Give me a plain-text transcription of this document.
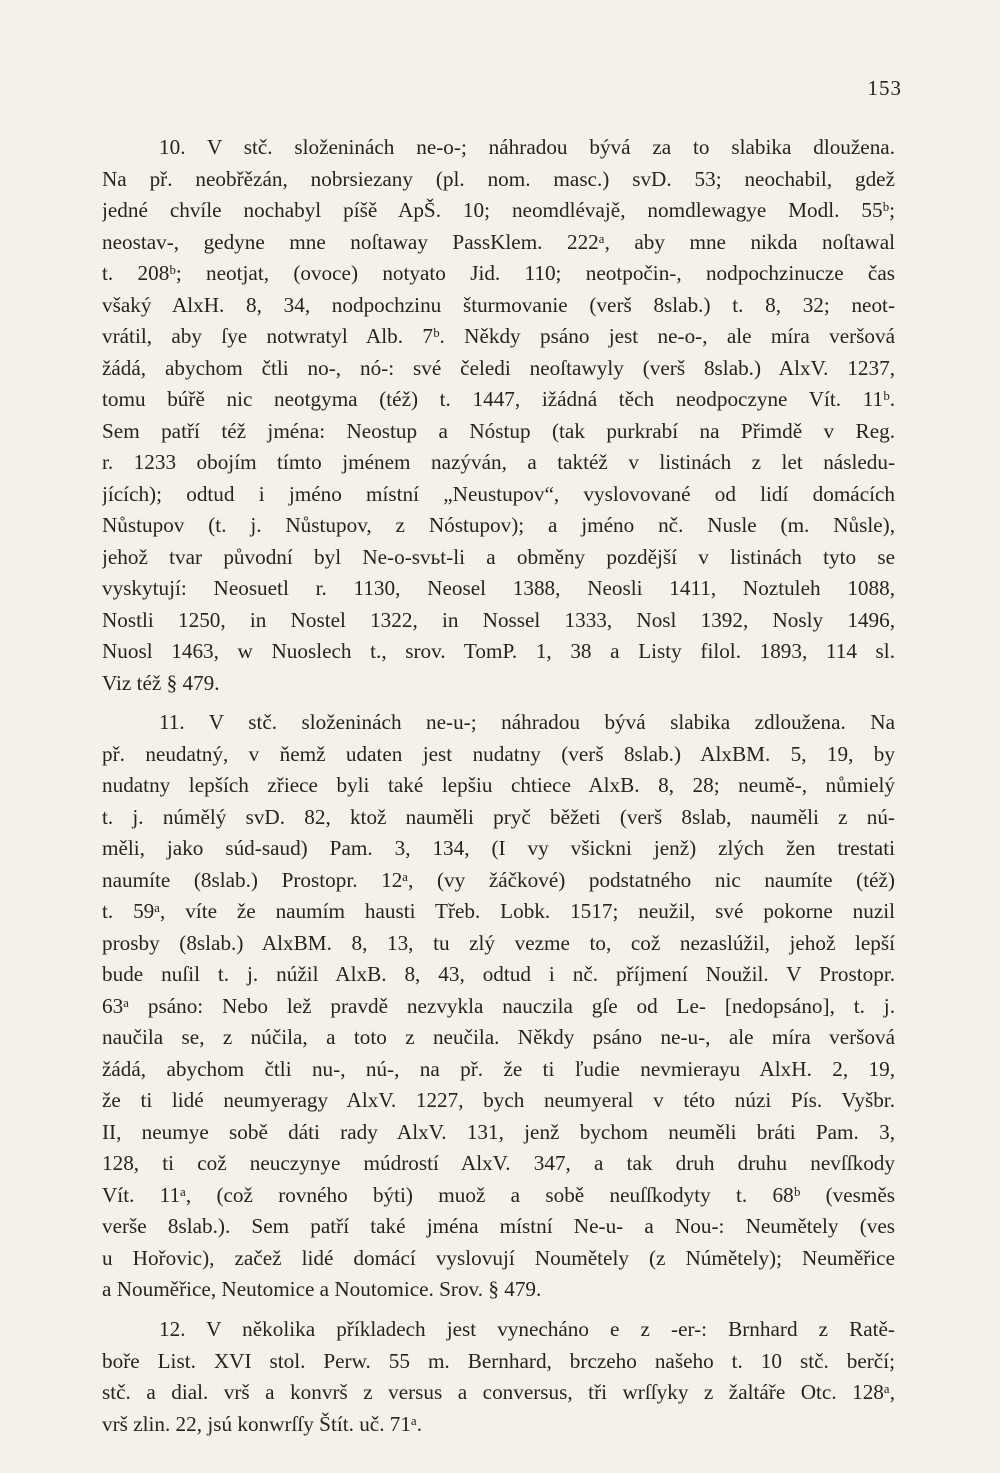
153
10. V stč. složeninách ne-o-; náhradou bývá za to slabika dloužena.
Na př. neobřězán, nobrsiezany (pl. nom. masc.) svD. 53; neochabil, gdež
jedné chvíle nochabyl píšě ApŠ. 10; neomdlévajě, nomdlewagye Modl. 55ᵇ;
neostav-, gedyne mne noſtaway PassKlem. 222ᵃ, aby mne nikda noſtawal
t. 208ᵇ; neotjat, (ovoce) notyato Jid. 110; neotpočin-, nodpochzinucze čas
všaký AlxH. 8, 34, nodpochzinu šturmovanie (verš 8slab.) t. 8, 32; neot-
vrátil, aby ſye notwratyl Alb. 7ᵇ. Někdy psáno jest ne-o-, ale míra veršová
žádá, abychom čtli no-, nó-: své čeledi neoſtawyly (verš 8slab.) AlxV. 1237,
tomu búřě nic neotgyma (též) t. 1447, ižádná těch neodpoczyne Vít. 11ᵇ.
Sem patří též jména: Neostup a Nóstup (tak purkrabí na Přimdě v Reg.
r. 1233 obojím tímto jménem nazýván, a taktéž v listinách z let následu-
jících); odtud i jméno místní „Neustupov“, vyslovované od lidí domácích
Nůstupov (t. j. Nůstupov, z Nóstupov); a jméno nč. Nusle (m. Nůsle),
jehož tvar původní byl Ne-o-svьt-li a obměny pozdější v listinách tyto se
vyskytují: Neosuetl r. 1130, Neosel 1388, Neosli 1411, Noztuleh 1088,
Nostli 1250, in Nostel 1322, in Nossel 1333, Nosl 1392, Nosly 1496,
Nuosl 1463, w Nuoslech t., srov. TomP. 1, 38 a Listy filol. 1893, 114 sl.
Viz též § 479.
11. V stč. složeninách ne-u-; náhradou bývá slabika zdloužena. Na
př. neudatný, v ňemž udaten jest nudatny (verš 8slab.) AlxBM. 5, 19, by
nudatny lepších zřiece byli také lepšiu chtiece AlxB. 8, 28; neumě-, nůmielý
t. j. númělý svD. 82, ktož nauměli pryč běžeti (verš 8slab, nauměli z nú-
měli, jako súd-saud) Pam. 3, 134, (I vy všickni jenž) zlých žen trestati
naumíte (8slab.) Prostopr. 12ᵃ, (vy žáčkové) podstatného nic naumíte (též)
t. 59ᵃ, víte že naumím hausti Třeb. Lobk. 1517; neužil, své pokorne nuzil
prosby (8slab.) AlxBM. 8, 13, tu zlý vezme to, což nezaslúžil, jehož lepší
bude nuſil t. j. núžil AlxB. 8, 43, odtud i nč. příjmení Noužil. V Prostopr.
63ᵃ psáno: Nebo lež pravdě nezvykla nauczila gſe od Le- [nedopsáno], t. j.
naučila se, z núčila, a toto z neučila. Někdy psáno ne-u-, ale míra veršová
žádá, abychom čtli nu-, nú-, na př. že ti ľudie nevmierayu AlxH. 2, 19,
že ti lidé neumyeragy AlxV. 1227, bych neumyeral v této núzi Pís. Vyšbr.
II, neumye sobě dáti rady AlxV. 131, jenž bychom neuměli bráti Pam. 3,
128, ti což neuczynye múdrostí AlxV. 347, a tak druh druhu nevſſkody
Vít. 11ᵃ, (což rovného býti) muož a sobě neuſſkodyty t. 68ᵇ (vesměs
verše 8slab.). Sem patří také jména místní Ne-u- a Nou-: Neumětely (ves
u Hořovic), začež lidé domácí vyslovují Noumětely (z Númětely); Neuměřice
a Nouměřice, Neutomice a Noutomice. Srov. § 479.
12. V několika příkladech jest vynecháno e z -er-: Brnhard z Ratě-
boře List. XVI stol. Perw. 55 m. Bernhard, brczeho našeho t. 10 stč. berčí;
stč. a dial. vrš a konvrš z versus a conversus, tři wrſſyky z žaltáře Otc. 128ᵃ,
vrš zlin. 22, jsú konwrſſy Štít. uč. 71ᵃ.
